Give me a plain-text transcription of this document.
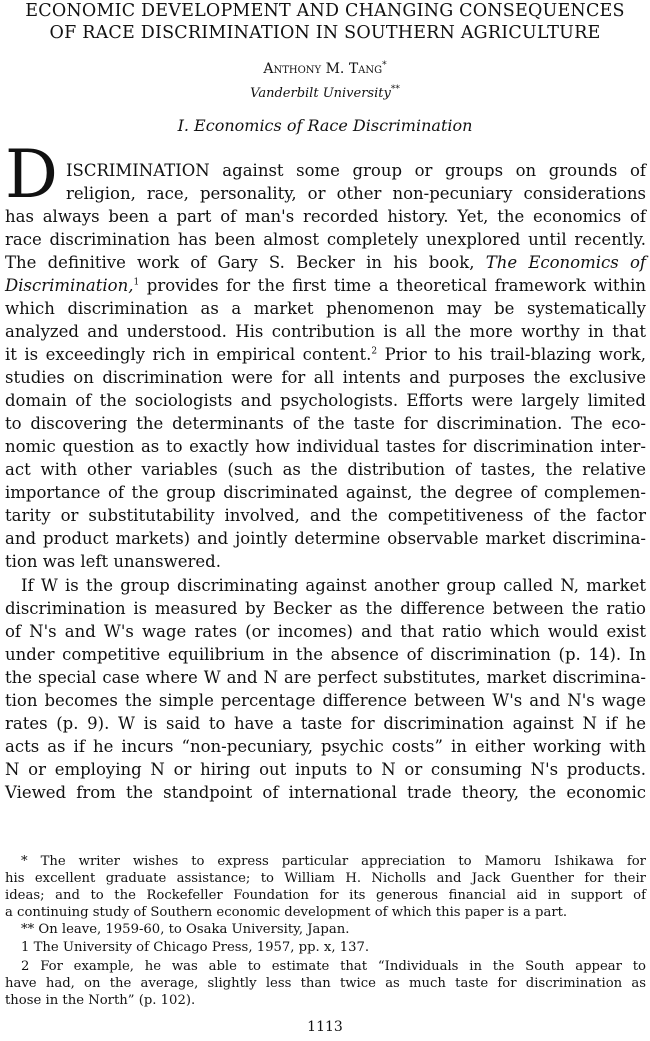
ECONOMIC DEVELOPMENT AND CHANGING CONSEQUENCES
OF RACE DISCRIMINATION IN SOUTHERN AGRICULTURE
Anthony M. Tang*
Vanderbilt University**
I. Economics of Race Discrimination
D ISCRIMINATION against some group or groups on grounds of
religion, race, personality, or other non-pecuniary considerations
has always been a part of man's recorded history. Yet, the economics of
race discrimination has been almost completely unexplored until recently.
The definitive work of Gary S. Becker in his book, The Economics of
Discrimination,$^1$ provides for the first time a theoretical framework within
which discrimination as a market phenomenon may be systematically
analyzed and understood. His contribution is all the more worthy in that
it is exceedingly rich in empirical content.$^2$ Prior to his trail-blazing work,
studies on discrimination were for all intents and purposes the exclusive
domain of the sociologists and psychologists. Efforts were largely limited
to discovering the determinants of the taste for discrimination. The eco-
nomic question as to exactly how individual tastes for discrimination inter-
act with other variables (such as the distribution of tastes, the relative
importance of the group discriminated against, the degree of complemen-
tarity or substitutability involved, and the competitiveness of the factor
and product markets) and jointly determine observable market discrimina-
tion was left unanswered.
If W is the group discriminating against another group called N, market
discrimination is measured by Becker as the difference between the ratio
of N's and W's wage rates (or incomes) and that ratio which would exist
under competitive equilibrium in the absence of discrimination (p. 14). In
the special case where W and N are perfect substitutes, market discrimina-
tion becomes the simple percentage difference between W's and N's wage
rates (p. 9). W is said to have a taste for discrimination against N if he
acts as if he incurs “non-pecuniary, psychic costs” in either working with
N or employing N or hiring out inputs to N or consuming N's products.
Viewed from the standpoint of international trade theory, the economic
* The writer wishes to express particular appreciation to Mamoru Ishikawa for
his excellent graduate assistance; to William H. Nicholls and Jack Guenther for their
ideas; and to the Rockefeller Foundation for its generous financial aid in support of
a continuing study of Southern economic development of which this paper is a part.
** On leave, 1959-60, to Osaka University, Japan.
1 The University of Chicago Press, 1957, pp. x, 137.
2 For example, he was able to estimate that “Individuals in the South appear to
have had, on the average, slightly less than twice as much taste for discrimination as
those in the North” (p. 102).
1113
